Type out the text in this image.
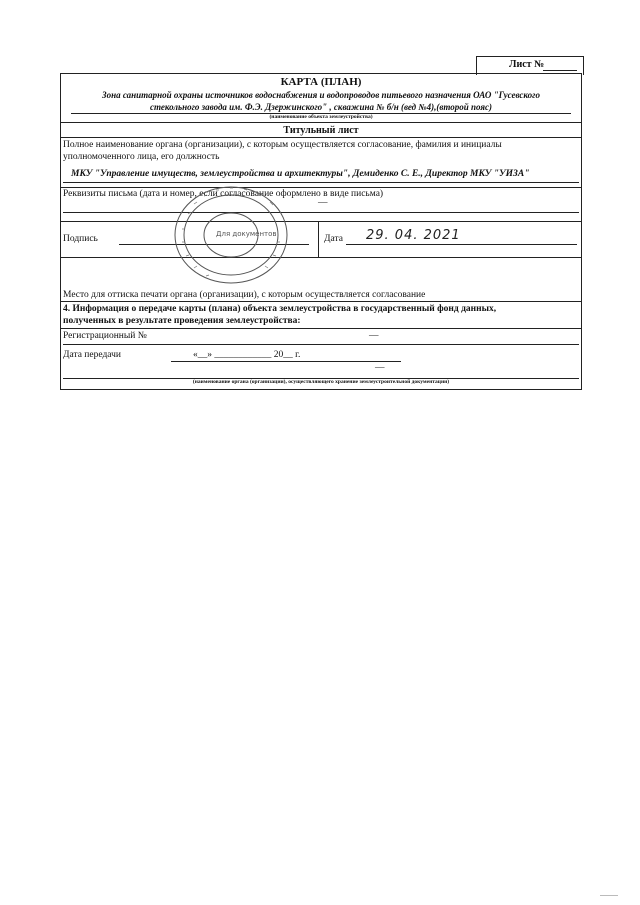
Лист №
КАРТА (ПЛАН)
Зона санитарной охраны источников водоснабжения и водопроводов питьевого назначения ОАО "Гусевского
стекольного завода им. Ф.Э. Дзержинского" , скважина № б/н (вед №4),(второй пояс)
(наименование объекта землеустройства)
Титульный лист
Полное наименование органа (организации), с которым осуществляется согласование, фамилия и инициалы
уполномоченного лица, его должность
МКУ "Управление имуществ, землеустройства и архитектуры", Демиденко С. Е., Директор МКУ "УИЗА"
Реквизиты письма (дата и номер, если согласование оформлено в виде письма)
—
Подпись	Дата 29. 04. 2021
Место для оттиска печати органа (организации), с которым осуществляется согласование
4. Информация о передаче карты (плана) объекта землеустройства в государственный фонд данных,
полученных в результате проведения землеустройства:
Регистрационный №	—
Дата передачи	«__» ____________ 20__ г.
—
(наименование органа (организации), осуществляющего хранение землеустроительной документации)
Для документов
